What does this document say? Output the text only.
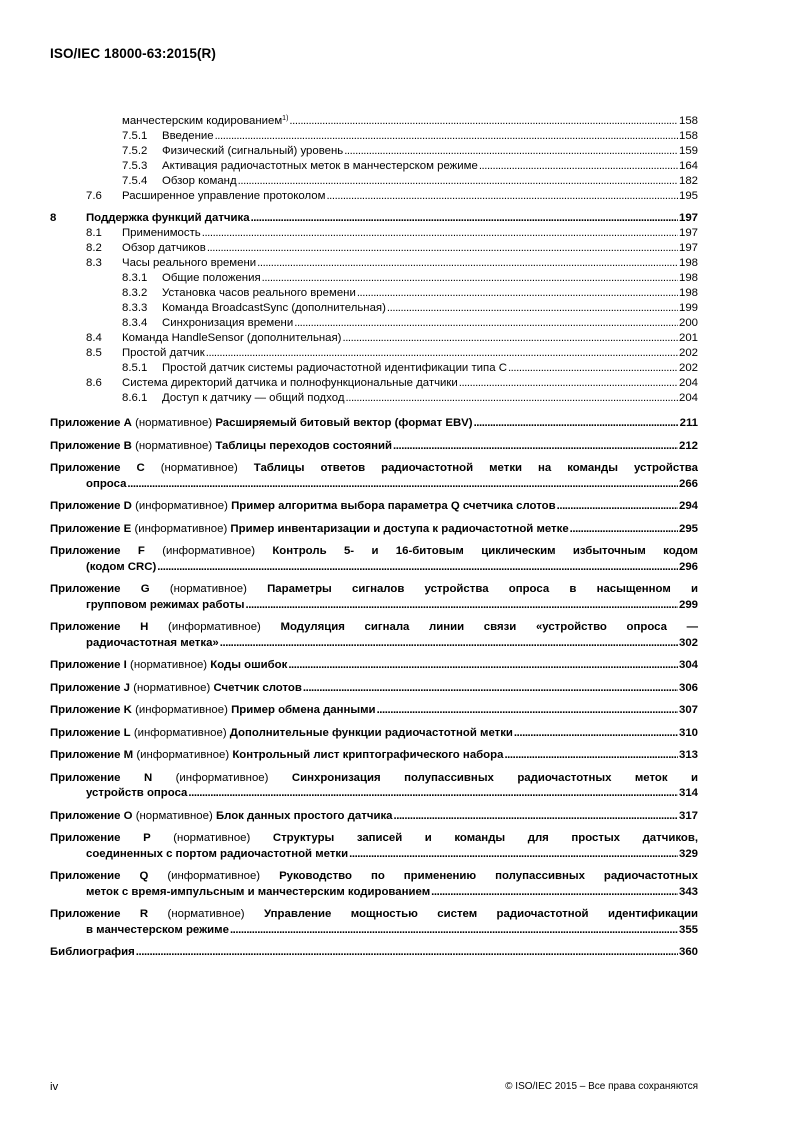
ISO/IEC 18000-63:2015(R)
манчестерским кодированием$^{1)}$ . . .	158
7.5.1	Введение . . .	158
7.5.2	Физический (сигнальный) уровень . . .	159
7.5.3	Активация радиочастотных меток в манчестерском режиме . . .	164
7.5.4	Обзор команд . . .	182
7.6	Расширенное управление протоколом . . .	195
8	Поддержка функций датчика . . .	197
8.1	Применимость . . .	197
8.2	Обзор датчиков . . .	197
8.3	Часы реального времени . . .	198
8.3.1	Общие положения . . .	198
8.3.2	Установка часов реального времени . . .	198
8.3.3	Команда BroadcastSync (дополнительная) . . .	199
8.3.4	Синхронизация времени . . .	200
8.4	Команда HandleSensor (дополнительная) . . .	201
8.5	Простой датчик . . .	202
8.5.1	Простой датчик системы радиочастотной идентификации типа С . . .	202
8.6	Система директорий датчика и полнофункциональные датчики . . .	204
8.6.1	Доступ к датчику — общий подход . . .	204
Приложение А (нормативное) Расширяемый битовый вектор (формат EBV) . . .	211
Приложение В (нормативное) Таблицы переходов состояний . . .	212
Приложение С (нормативное) Таблицы ответов радиочастотной метки на команды устройства
опроса . . .	266
Приложение D (информативное) Пример алгоритма выбора параметра Q счетчика слотов . . .	294
Приложение Е (информативное) Пример инвентаризации и доступа к радиочастотной метке . . .	295
Приложение F (информативное) Контроль 5- и 16-битовым циклическим избыточным кодом
(кодом CRC) . . .	296
Приложение G (нормативное) Параметры сигналов устройства опроса в насыщенном и
групповом режимах работы . . .	299
Приложение Н (информативное) Модуляция сигнала линии связи «устройство опроса —
радиочастотная метка» . . .	302
Приложение I (нормативное) Коды ошибок . . .	304
Приложение J (нормативное) Счетчик слотов . . .	306
Приложение K (информативное) Пример обмена данными . . .	307
Приложение L (информативное) Дополнительные функции радиочастотной метки . . .	310
Приложение М (информативное) Контрольный лист криптографического набора . . .	313
Приложение N (информативное) Синхронизация полупассивных радиочастотных меток и
устройств опроса . . .	314
Приложение О (нормативное) Блок данных простого датчика . . .	317
Приложение Р (нормативное) Структуры записей и команды для простых датчиков,
соединенных с портом радиочастотной метки . . .	329
Приложение Q (информативное) Руководство по применению полупассивных радиочастотных
меток с время-импульсным и манчестерским кодированием . . .	343
Приложение R (нормативное) Управление мощностью систем радиочастотной идентификации
в манчестерском режиме . . .	355
Библиография . . .	360
iv	© ISO/IEC 2015 – Все права сохраняются
